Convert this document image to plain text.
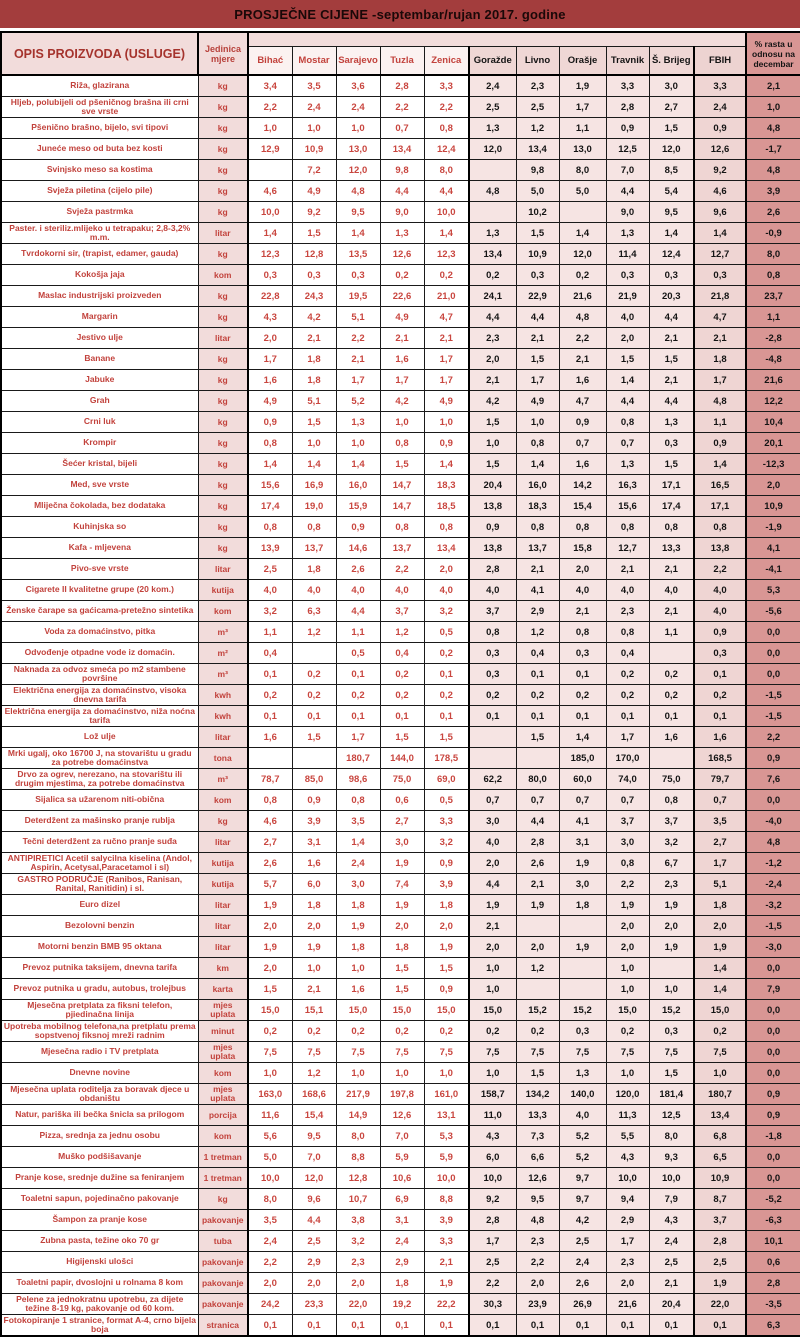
PROSJEČNE CIJENE -septembar/rujan 2017. godine
OPIS PROIZVODA (USLUGE)	Jedinica mjere												% rasta u odnosu na decembar
		Bihać	Mostar	Sarajevo	Tuzla	Zenica	Goražde	Livno	Orašje	Travnik	Š. Brijeg	FBIH	
Riža, glazirana	kg	3,4	3,5	3,6	2,8	3,3	2,4	2,3	1,9	3,3	3,0	3,3	2,1
Hljeb, polubijeli od pšeničnog brašna ili crni sve vrste	kg	2,2	2,4	2,4	2,2	2,2	2,5	2,5	1,7	2,8	2,7	2,4	1,0
Pšenično brašno, bijelo, svi tipovi	kg	1,0	1,0	1,0	0,7	0,8	1,3	1,2	1,1	0,9	1,5	0,9	4,8
Juneće meso od buta bez kosti	kg	12,9	10,9	13,0	13,4	12,4	12,0	13,4	13,0	12,5	12,0	12,6	-1,7
Svinjsko meso sa kostima	kg		7,2	12,0	9,8	8,0		9,8	8,0	7,0	8,5	9,2	4,8
Svježa piletina (cijelo pile)	kg	4,6	4,9	4,8	4,4	4,4	4,8	5,0	5,0	4,4	5,4	4,6	3,9
Svježa pastrmka	kg	10,0	9,2	9,5	9,0	10,0		10,2		9,0	9,5	9,6	2,6
Paster. i steriliz.mlijeko u tetrapaku; 2,8-3,2% m.m.	litar	1,4	1,5	1,4	1,3	1,4	1,3	1,5	1,4	1,3	1,4	1,4	-0,9
Tvrdokorni sir, (trapist, edamer, gauda)	kg	12,3	12,8	13,5	12,6	12,3	13,4	10,9	12,0	11,4	12,4	12,7	8,0
Kokošja jaja	kom	0,3	0,3	0,3	0,2	0,2	0,2	0,3	0,2	0,3	0,3	0,3	0,8
Maslac industrijski proizveden	kg	22,8	24,3	19,5	22,6	21,0	24,1	22,9	21,6	21,9	20,3	21,8	23,7
Margarin	kg	4,3	4,2	5,1	4,9	4,7	4,4	4,4	4,8	4,0	4,4	4,7	1,1
Jestivo ulje	litar	2,0	2,1	2,2	2,1	2,1	2,3	2,1	2,2	2,0	2,1	2,1	-2,8
Banane	kg	1,7	1,8	2,1	1,6	1,7	2,0	1,5	2,1	1,5	1,5	1,8	-4,8
Jabuke	kg	1,6	1,8	1,7	1,7	1,7	2,1	1,7	1,6	1,4	2,1	1,7	21,6
Grah	kg	4,9	5,1	5,2	4,2	4,9	4,2	4,9	4,7	4,4	4,4	4,8	12,2
Crni luk	kg	0,9	1,5	1,3	1,0	1,0	1,5	1,0	0,9	0,8	1,3	1,1	10,4
Krompir	kg	0,8	1,0	1,0	0,8	0,9	1,0	0,8	0,7	0,7	0,3	0,9	20,1
Šećer kristal, bijeli	kg	1,4	1,4	1,4	1,5	1,4	1,5	1,4	1,6	1,3	1,5	1,4	-12,3
Med, sve vrste	kg	15,6	16,9	16,0	14,7	18,3	20,4	16,0	14,2	16,3	17,1	16,5	2,0
Mliječna čokolada, bez dodataka	kg	17,4	19,0	15,9	14,7	18,5	13,8	18,3	15,4	15,6	17,4	17,1	10,9
Kuhinjska so	kg	0,8	0,8	0,9	0,8	0,8	0,9	0,8	0,8	0,8	0,8	0,8	-1,9
Kafa - mljevena	kg	13,9	13,7	14,6	13,7	13,4	13,8	13,7	15,8	12,7	13,3	13,8	4,1
Pivo-sve vrste	litar	2,5	1,8	2,6	2,2	2,0	2,8	2,1	2,0	2,1	2,1	2,2	-4,1
Cigarete II kvalitetne grupe (20 kom.)	kutija	4,0	4,0	4,0	4,0	4,0	4,0	4,1	4,0	4,0	4,0	4,0	5,3
Ženske čarape sa gaćicama-pretežno sintetika	kom	3,2	6,3	4,4	3,7	3,2	3,7	2,9	2,1	2,3	2,1	4,0	-5,6
Voda za domaćinstvo, pitka	m³	1,1	1,2	1,1	1,2	0,5	0,8	1,2	0,8	0,8	1,1	0,9	0,0
Odvođenje otpadne vode iz domaćin.	m²	0,4		0,5	0,4	0,2	0,3	0,4	0,3	0,4		0,3	0,0
Naknada za odvoz smeća po m2 stambene površine	m³	0,1	0,2	0,1	0,2	0,1	0,3	0,1	0,1	0,2	0,2	0,1	0,0
Električna energija za domaćinstvo, visoka dnevna tarifa	kwh	0,2	0,2	0,2	0,2	0,2	0,2	0,2	0,2	0,2	0,2	0,2	-1,5
Električna energija za domaćinstvo, niža noćna tarifa	kwh	0,1	0,1	0,1	0,1	0,1	0,1	0,1	0,1	0,1	0,1	0,1	-1,5
Lož ulje	litar	1,6	1,5	1,7	1,5	1,5		1,5	1,4	1,7	1,6	1,6	2,2
Mrki ugalj, oko 16700 J, na stovarištu u gradu za potrebe domaćinstva	tona			180,7	144,0	178,5			185,0	170,0		168,5	0,9
Drvo za ogrev, nerezano, na stovarištu ili drugim mjestima, za potrebe domaćinstva	m³	78,7	85,0	98,6	75,0	69,0	62,2	80,0	60,0	74,0	75,0	79,7	7,6
Sijalica sa užarenom niti-obična	kom	0,8	0,9	0,8	0,6	0,5	0,7	0,7	0,7	0,7	0,8	0,7	0,0
Deterdžent za mašinsko pranje rublja	kg	4,6	3,9	3,5	2,7	3,3	3,0	4,4	4,1	3,7	3,7	3,5	-4,0
Tečni deterdžent za ručno pranje suđa	litar	2,7	3,1	1,4	3,0	3,2	4,0	2,8	3,1	3,0	3,2	2,7	4,8
ANTIPIRETICI Acetil salycilna kiselina (Andol, Aspirin, Acetysal,Paracetamol i sl)	kutija	2,6	1,6	2,4	1,9	0,9	2,0	2,6	1,9	0,8	6,7	1,7	-1,2
GASTRO PODRUČJE (Ranibos, Ranisan, Ranital, Ranitidin) i sl.	kutija	5,7	6,0	3,0	7,4	3,9	4,4	2,1	3,0	2,2	2,3	5,1	-2,4
Euro dizel	litar	1,9	1,8	1,8	1,9	1,8	1,9	1,9	1,8	1,9	1,9	1,8	-3,2
Bezolovni benzin	litar	2,0	2,0	1,9	2,0	2,0	2,1			2,0	2,0	2,0	-1,5
Motorni benzin BMB 95 oktana	litar	1,9	1,9	1,8	1,8	1,9	2,0	2,0	1,9	2,0	1,9	1,9	-3,0
Prevoz putnika taksijem, dnevna tarifa	km	2,0	1,0	1,0	1,5	1,5	1,0	1,2		1,0		1,4	0,0
Prevoz putnika u gradu, autobus, trolejbus	karta	1,5	2,1	1,6	1,5	0,9	1,0			1,0	1,0	1,4	7,9
Mjesečna pretplata za fiksni telefon, pjiedinačna linija	mjes uplata	15,0	15,1	15,0	15,0	15,0	15,0	15,2	15,2	15,0	15,2	15,0	0,0
Upotreba mobilnog telefona,na pretplatu prema sopstvenoj fiksnoj mreži radnim	minut	0,2	0,2	0,2	0,2	0,2	0,2	0,2	0,3	0,2	0,3	0,2	0,0
Mjesečna radio i TV pretplata	mjes uplata	7,5	7,5	7,5	7,5	7,5	7,5	7,5	7,5	7,5	7,5	7,5	0,0
Dnevne novine	kom	1,0	1,2	1,0	1,0	1,0	1,0	1,5	1,3	1,0	1,5	1,0	0,0
Mjesečna uplata roditelja za boravak djece u obdaništu	mjes uplata	163,0	168,6	217,9	197,8	161,0	158,7	134,2	140,0	120,0	181,4	180,7	0,9
Natur, pariška ili bečka šnicla sa prilogom	porcija	11,6	15,4	14,9	12,6	13,1	11,0	13,3	4,0	11,3	12,5	13,4	0,9
Pizza, srednja za jednu osobu	kom	5,6	9,5	8,0	7,0	5,3	4,3	7,3	5,2	5,5	8,0	6,8	-1,8
Muško podšišavanje	1 tretman	5,0	7,0	8,8	5,9	5,9	6,0	6,6	5,2	4,3	9,3	6,5	0,0
Pranje kose, srednje dužine sa feniranjem	1 tretman	10,0	12,0	12,8	10,6	10,0	10,0	12,6	9,7	10,0	10,0	10,9	0,0
Toaletni sapun, pojedinačno pakovanje	kg	8,0	9,6	10,7	6,9	8,8	9,2	9,5	9,7	9,4	7,9	8,7	-5,2
Šampon za pranje kose	pakovanje	3,5	4,4	3,8	3,1	3,9	2,8	4,8	4,2	2,9	4,3	3,7	-6,3
Zubna pasta, težine oko 70 gr	tuba	2,4	2,5	3,2	2,4	3,3	1,7	2,3	2,5	1,7	2,4	2,8	10,1
Higijenski ulošci	pakovanje	2,2	2,9	2,3	2,9	2,1	2,5	2,2	2,4	2,3	2,5	2,5	0,6
Toaletni papir, dvoslojni u rolnama 8 kom	pakovanje	2,0	2,0	2,0	1,8	1,9	2,2	2,0	2,6	2,0	2,1	1,9	2,8
Pelene za jednokratnu upotrebu, za dijete težine 8-19 kg, pakovanje od 60 kom.	pakovanje	24,2	23,3	22,0	19,2	22,2	30,3	23,9	26,9	21,6	20,4	22,0	-3,5
Fotokopiranje 1 stranice, format A-4, crno bijela boja	stranica	0,1	0,1	0,1	0,1	0,1	0,1	0,1	0,1	0,1	0,1	0,1	6,3
